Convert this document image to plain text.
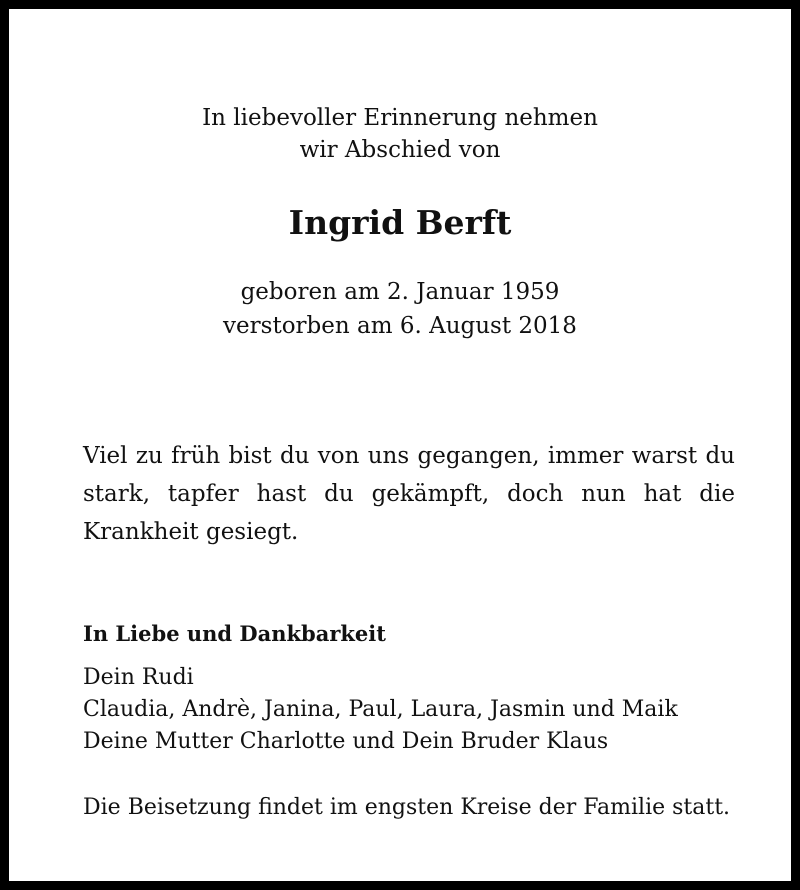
In liebevoller Erinnerung nehmen
wir Abschied von
Ingrid Berft
geboren am 2. Januar 1959
verstorben am 6. August 2018
Viel zu früh bist du von uns gegangen, immer warst du stark, tapfer hast du gekämpft, doch nun hat die Krankheit gesiegt.
In Liebe und Dankbarkeit
Dein Rudi
Claudia, Andrè, Janina, Paul, Laura, Jasmin und Maik
Deine Mutter Charlotte und Dein Bruder Klaus
Die Beisetzung findet im engsten Kreise der Familie statt.
